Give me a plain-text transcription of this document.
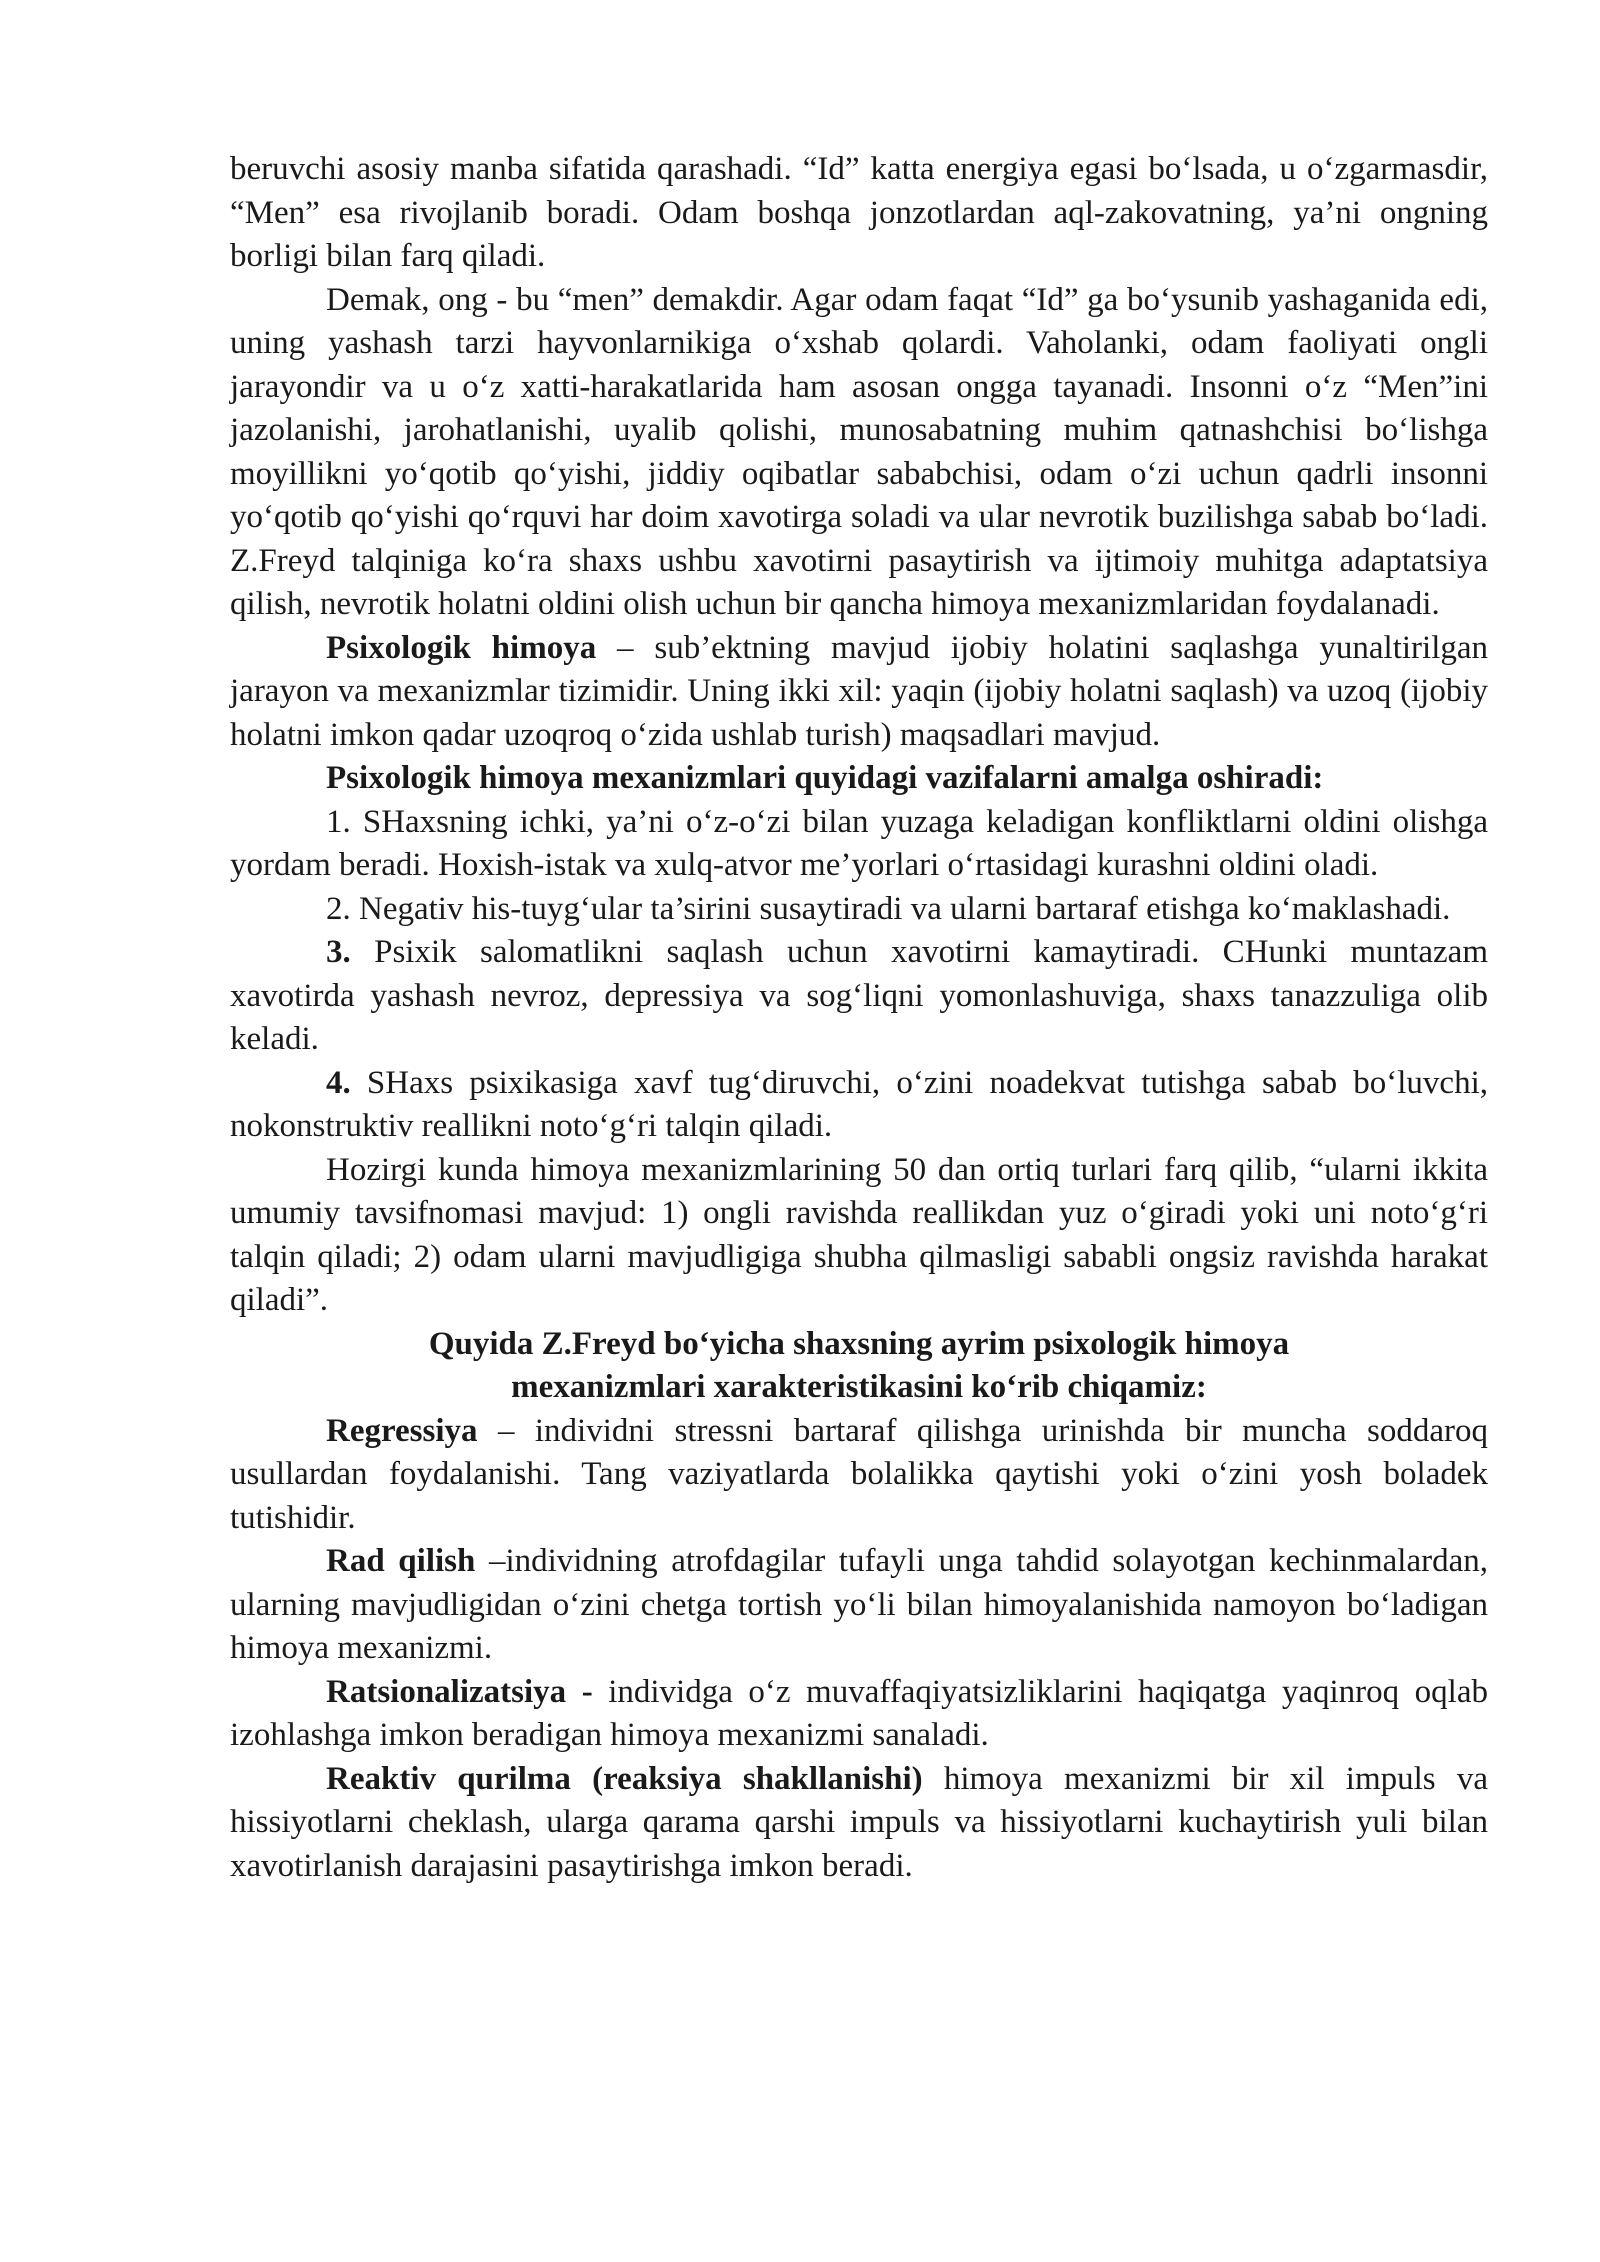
beruvchi asosiy manba sifatida qarashadi. “Id” katta energiya egasi boʻlsada, u oʻzgarmasdir, “Men” esa rivojlanib boradi. Odam boshqa jonzotlardan aql-zakovatning, ya’ni ongning borligi bilan farq qiladi.

Demak, ong - bu “men” demakdir. Agar odam faqat “Id” ga boʻysunib yashaganida edi, uning yashash tarzi hayvonlarnikiga oʻxshab qolardi. Vaholanki, odam faoliyati ongli jarayondir va u oʻz xatti-harakatlarida ham asosan ongga tayanadi. Insonni oʻz “Men”ini jazolanishi, jarohatlanishi, uyalib qolishi, munosabatning muhim qatnashchisi boʻlishga moyillikni yoʻqotib qoʻyishi, jiddiy oqibatlar sababchisi, odam oʻzi uchun qadrli insonni yoʻqotib qoʻyishi qoʻrquvi har doim xavotirga soladi va ular nevrotik buzilishga sabab boʻladi. Z.Freyd talqiniga koʻra shaxs ushbu xavotirni pasaytirish va ijtimoiy muhitga adaptatsiya qilish, nevrotik holatni oldini olish uchun bir qancha himoya mexanizmlaridan foydalanadi.

Psixologik himoya – sub’ektning mavjud ijobiy holatini saqlashga yunaltirilgan jarayon va mexanizmlar tizimidir. Uning ikki xil: yaqin (ijobiy holatni saqlash) va uzoq (ijobiy holatni imkon qadar uzoqroq oʻzida ushlab turish) maqsadlari mavjud.

Psixologik himoya mexanizmlari quyidagi vazifalarni amalga oshiradi:

1. SHaxsning ichki, ya’ni oʻz-oʻzi bilan yuzaga keladigan konfliktlarni oldini olishga yordam beradi. Hoxish-istak va xulq-atvor me’yorlari oʻrtasidagi kurashni oldini oladi.

2. Negativ his-tuygʻular ta’sirini susaytiradi va ularni bartaraf etishga koʻmaklashadi.

3. Psixik salomatlikni saqlash uchun xavotirni kamaytiradi. CHunki muntazam xavotirda yashash nevroz, depressiya va sogʻliqni yomonlashuviga, shaxs tanazzuliga olib keladi.

4. SHaxs psixikasiga xavf tugʻdiruvchi, oʻzini noadekvat tutishga sabab boʻluvchi, nokonstruktiv reallikni notoʻgʻri talqin qiladi.

Hozirgi kunda himoya mexanizmlarining 50 dan ortiq turlari farq qilib, “ularni ikkita umumiy tavsifnomasi mavjud: 1) ongli ravishda reallikdan yuz oʻgiradi yoki uni notoʻgʻri talqin qiladi; 2) odam ularni mavjudligiga shubha qilmasligi sababli ongsiz ravishda harakat qiladi”.

Quyida Z.Freyd boʻyicha shaxsning ayrim psixologik himoya
mexanizmlari xarakteristikasini koʻrib chiqamiz:

Regressiya – individni stressni bartaraf qilishga urinishda bir muncha soddaroq usullardan foydalanishi. Tang vaziyatlarda bolalikka qaytishi yoki oʻzini yosh boladek tutishidir.

Rad qilish –individning atrofdagilar tufayli unga tahdid solayotgan kechinmalardan, ularning mavjudligidan oʻzini chetga tortish yoʻli bilan himoyalanishida namoyon boʻladigan himoya mexanizmi.

Ratsionalizatsiya - individga oʻz muvaffaqiyatsizliklarini haqiqatga yaqinroq oqlab izohlashga imkon beradigan himoya mexanizmi sanaladi.

Reaktiv qurilma (reaksiya shakllanishi) himoya mexanizmi bir xil impuls va hissiyotlarni cheklash, ularga qarama qarshi impuls va hissiyotlarni kuchaytirish yuli bilan xavotirlanish darajasini pasaytirishga imkon beradi.
